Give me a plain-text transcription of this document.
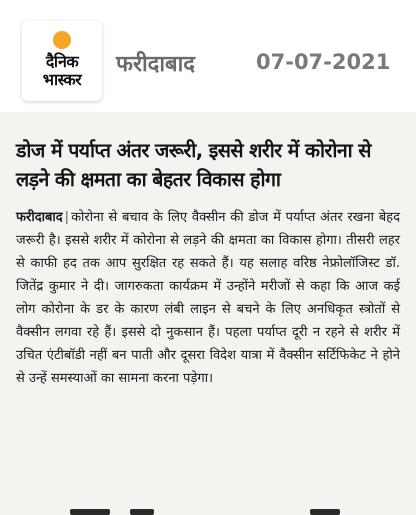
दैनिक
भास्कर
फरीदाबाद	07-07-2021
डोज में पर्याप्त अंतर जरूरी, इससे शरीर में कोरोना से लड़ने की क्षमता का बेहतर विकास होगा
फरीदाबाद | कोरोना से बचाव के लिए वैक्सीन की डोज में पर्याप्त अंतर रखना बेहद जरूरी है। इससे शरीर में कोरोना से लड़ने की क्षमता का विकास होगा। तीसरी लहर से काफी हद तक आप सुरक्षित रह सकते हैं। यह सलाह वरिष्ठ नेफ्रोलॉजिस्ट डॉ. जितेंद्र कुमार ने दी। जागरुकता कार्यक्रम में उन्होंने मरीजों से कहा कि आज कई लोग कोरोना के डर के कारण लंबी लाइन से बचने के लिए अनधिकृत स्त्रोतों से वैक्सीन लगवा रहे हैं। इससे दो नुकसान हैं। पहला पर्याप्त दूरी न रहने से शरीर में उचित एंटीबॉडी नहीं बन पाती और दूसरा विदेश यात्रा में वैक्सीन सर्टिफिकेट ने होने से उन्हें समस्याओं का सामना करना पड़ेगा।
